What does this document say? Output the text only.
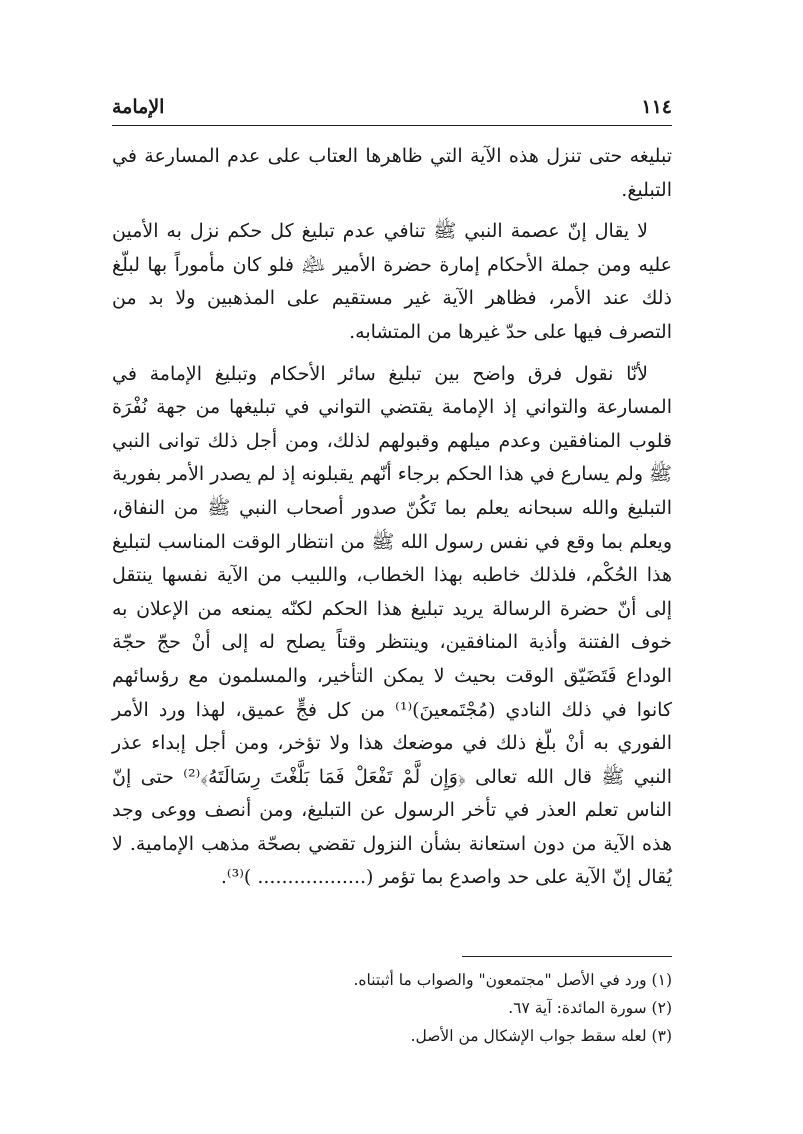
١١٤
الإمامة

تبليغه حتى تنزل هذه الآية التي ظاهرها العتاب على عدم المسارعة في التبليغ.

لا يقال إنّ عصمة النبي ﷺ تنافي عدم تبليغ كل حكم نزل به الأمين عليه ومن جملة الأحكام إمارة حضرة الأمير ﵇ فلو كان مأموراً بها لبلّغ ذلك عند الأمر، فظاهر الآية غير مستقيم على المذهبين ولا بد من التصرف فيها على حدّ غيرها من المتشابه.

لأنّا نقول فرق واضح بين تبليغ سائر الأحكام وتبليغ الإمامة في المسارعة والتواني إذ الإمامة يقتضي التواني في تبليغها من جهة نُفْرَة قلوب المنافقين وعدم ميلهم وقبولهم لذلك، ومن أجل ذلك توانى النبي ﷺ ولم يسارع في هذا الحكم برجاء أنّهم يقبلونه إذ لم يصدر الأمر بفورية التبليغ والله سبحانه يعلم بما تَكُنّ صدور أصحاب النبي ﷺ من النفاق، ويعلم بما وقع في نفس رسول الله ﷺ من انتظار الوقت المناسب لتبليغ هذا الحُكْم، فلذلك خاطبه بهذا الخطاب، واللبيب من الآية نفسها ينتقل إلى أنّ حضرة الرسالة يريد تبليغ هذا الحكم لكنّه يمنعه من الإعلان به خوف الفتنة وأذية المنافقين، وينتظر وقتاً يصلح له إلى أنْ حجّ حجّة الوداع فَتَضَيّق الوقت بحيث لا يمكن التأخير، والمسلمون مع رؤسائهم كانوا في ذلك النادي (مُجْتَمعينَ)⁽¹⁾ من كل فجٍّ عميق، لهذا ورد الأمر الفوري به أنْ بلّغ ذلك في موضعك هذا ولا تؤخر، ومن أجل إبداء عذر النبي ﷺ قال الله تعالى ﴿وَإِن لَّمْ تَفْعَلْ فَمَا بَلَّغْتَ رِسَالَتَهُ﴾⁽²⁾ حتى إنّ الناس تعلم العذر في تأخر الرسول عن التبليغ، ومن أنصف ووعى وجد هذه الآية من دون استعانة بشأن النزول تقضي بصحّة مذهب الإمامية. لا يُقال إنّ الآية على حد واصدع بما تؤمر (.................. )⁽³⁾.

(١) ورد في الأصل "مجتمعون" والصواب ما أثبتناه.
(٢) سورة المائدة: آية ٦٧.
(٣) لعله سقط جواب الإشكال من الأصل.
